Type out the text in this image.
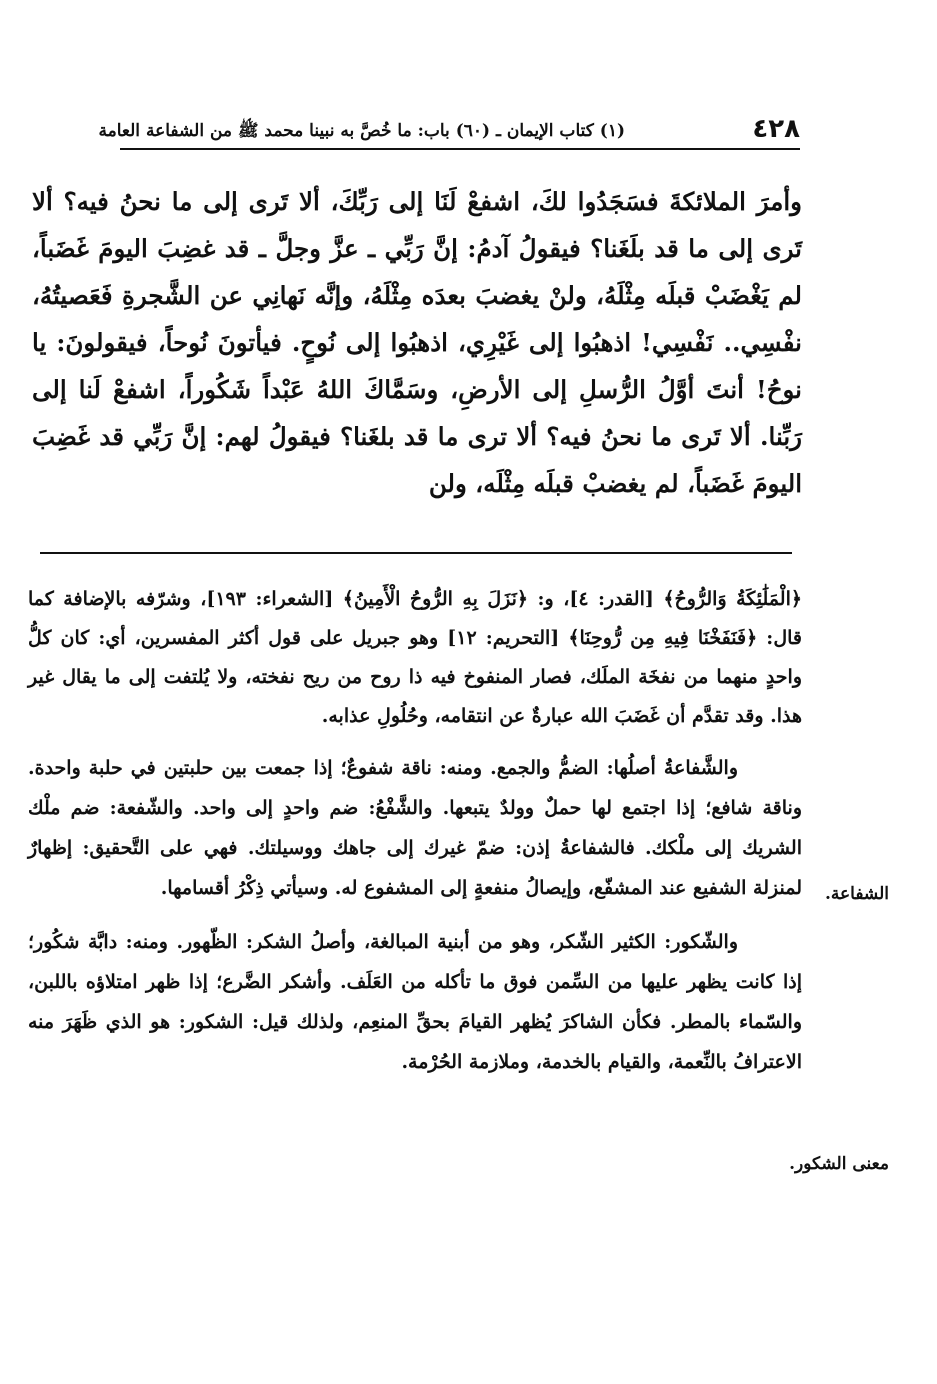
٤٢٨
(١) كتاب الإيمان ـ (٦٠) باب: ما خُصَّ به نبينا محمد ﷺ من الشفاعة العامة

وأمرَ الملائكةَ فسَجَدُوا لكَ، اشفعْ لَنَا إلى رَبِّكَ، ألا تَرى إلى ما نحنُ فيه؟ ألا تَرى إلى ما قد بلَغَنا؟ فيقولُ آدمُ: إنَّ رَبِّي ـ عزَّ وجلَّ ـ قد غضِبَ اليومَ غَضَباً، لم يَغْضَبْ قبلَه مِثْلَهُ، ولنْ يغضبَ بعدَه مِثْلَهُ، وإنَّه نَهانِي عن الشَّجرةِ فَعَصيتُهُ، نفْسِي.. نَفْسِي! اذهبُوا إلى غَيْرِي، اذهبُوا إلى نُوحٍ. فيأتونَ نُوحاً، فيقولونَ: يا نوحُ! أنتَ أوَّلُ الرُّسلِ إلى الأرضِ، وسَمَّاكَ اللهُ عَبْداً شَكُوراً، اشفعْ لَنا إلى رَبِّنا. ألا تَرى ما نحنُ فيه؟ ألا ترى ما قد بلغَنا؟ فيقولُ لهم: إنَّ رَبِّي قد غَضِبَ اليومَ غَضَباً، لم يغضبْ قبلَه مِثْلَه، ولن

﴿الْمَلَٰئِكَةُ وَالرُّوحُ﴾ [القدر: ٤]، و: ﴿نَزَلَ بِهِ الرُّوحُ الْأَمِينُ﴾ [الشعراء: ١٩٣]، وشرّفه بالإضافة كما قال: ﴿فَنَفَخْنَا فِيهِ مِن رُّوحِنَا﴾ [التحريم: ١٢] وهو جبريل على قول أكثر المفسرين، أي: كان كلُّ واحدٍ منهما من نفخَة الملَك، فصار المنفوخ فيه ذا روح من ريح نفخته، ولا يُلتفت إلى ما يقال غير هذا. وقد تقدَّم أن غَضَبَ الله عبارةٌ عن انتقامه، وحُلُولِ عذابه.

والشَّفاعةُ أصلُها: الضمُّ والجمع. ومنه: ناقة شفوعٌ؛ إذا جمعت بين حلبتين في حلبة واحدة. وناقة شافع؛ إذا اجتمع لها حملٌ وولدٌ يتبعها. والشَّفْعُ: ضم واحدٍ إلى واحد. والشّفعة: ضم ملْك الشريك إلى ملْكك. فالشفاعةُ إذن: ضمّ غيرك إلى جاهك ووسيلتك. فهي على التَّحقيق: إظهارٌ لمنزلة الشفيع عند المشفّع، وإيصالُ منفعةٍ إلى المشفوع له. وسيأتي ذِكْرُ أقسامها.

والشّكور: الكثير الشّكر، وهو من أبنية المبالغة، وأصلُ الشكر: الظّهور. ومنه: دابَّة شكُور؛ إذا كانت يظهر عليها من السِّمن فوق ما تأكله من العَلَف. وأشكر الضَّرع؛ إذا ظهر امتلاؤه باللبن، والسّماء بالمطر. فكأن الشاكرَ يُظهر القيامَ بحقِّ المنعِم، ولذلك قيل: الشكور: هو الذي ظَهَرَ منه الاعترافُ بالنِّعمة، والقيام بالخدمة، وملازمة الحُرْمة.

الشفاعة.
معنى الشكور.
